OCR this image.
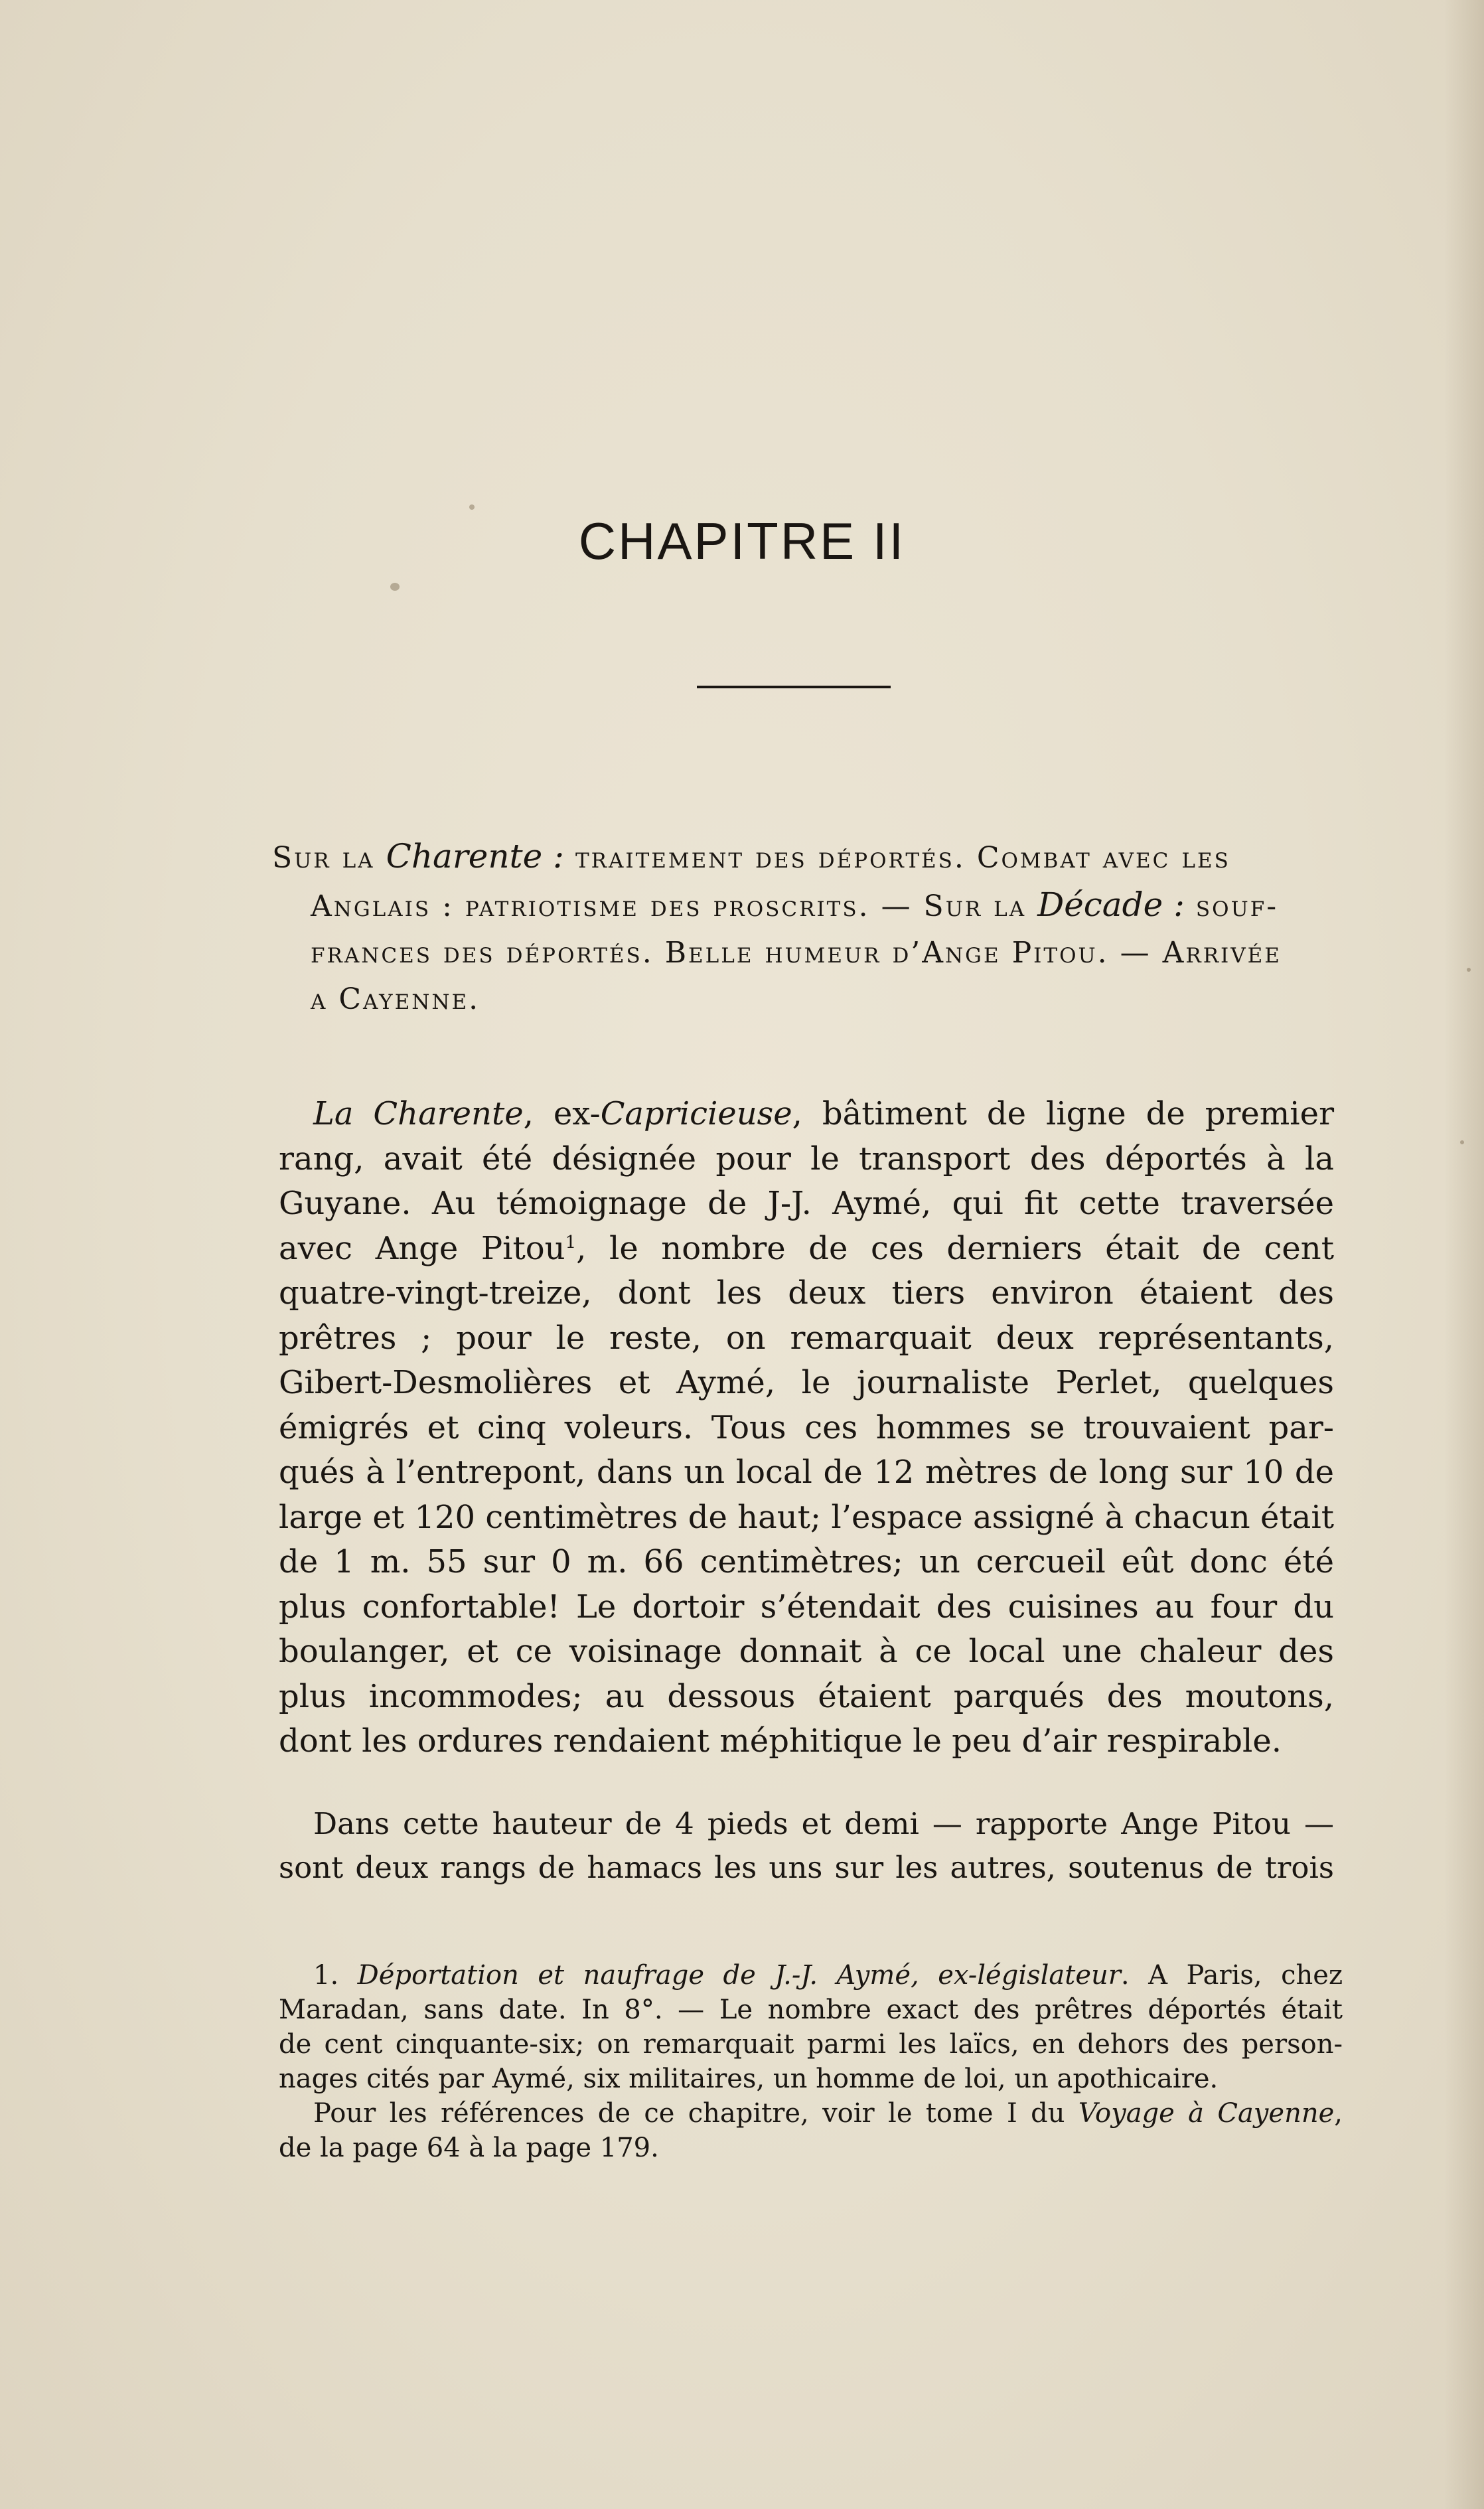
CHAPITRE II

Sur la Charente : traitement des déportés. Combat avec les
Anglais : patriotisme des proscrits. — Sur la Décade : souf-
frances des déportés. Belle humeur d’Ange Pitou. — Arrivée
a Cayenne.

La Charente, ex-Capricieuse, bâtiment de ligne de premier
rang, avait été désignée pour le transport des déportés à la
Guyane. Au témoignage de J-J. Aymé, qui fit cette traversée
avec Ange Pitou$^1$, le nombre de ces derniers était de cent
quatre-vingt-treize, dont les deux tiers environ étaient des
prêtres ; pour le reste, on remarquait deux représentants,
Gibert-Desmolières et Aymé, le journaliste Perlet, quelques
émigrés et cinq voleurs. Tous ces hommes se trouvaient par-
qués à l’entrepont, dans un local de 12 mètres de long sur 10 de
large et 120 centimètres de haut; l’espace assigné à chacun était
de 1 m. 55 sur 0 m. 66 centimètres; un cercueil eût donc été
plus confortable! Le dortoir s’étendait des cuisines au four du
boulanger, et ce voisinage donnait à ce local une chaleur des
plus incommodes; au dessous étaient parqués des moutons,
dont les ordures rendaient méphitique le peu d’air respirable.

Dans cette hauteur de 4 pieds et demi — rapporte Ange Pitou —
sont deux rangs de hamacs les uns sur les autres, soutenus de trois

1. Déportation et naufrage de J.-J. Aymé, ex-législateur. A Paris, chez
Maradan, sans date. In 8°. — Le nombre exact des prêtres déportés était
de cent cinquante-six; on remarquait parmi les laïcs, en dehors des person-
nages cités par Aymé, six militaires, un homme de loi, un apothicaire.
Pour les références de ce chapitre, voir le tome I du Voyage à Cayenne,
de la page 64 à la page 179.
